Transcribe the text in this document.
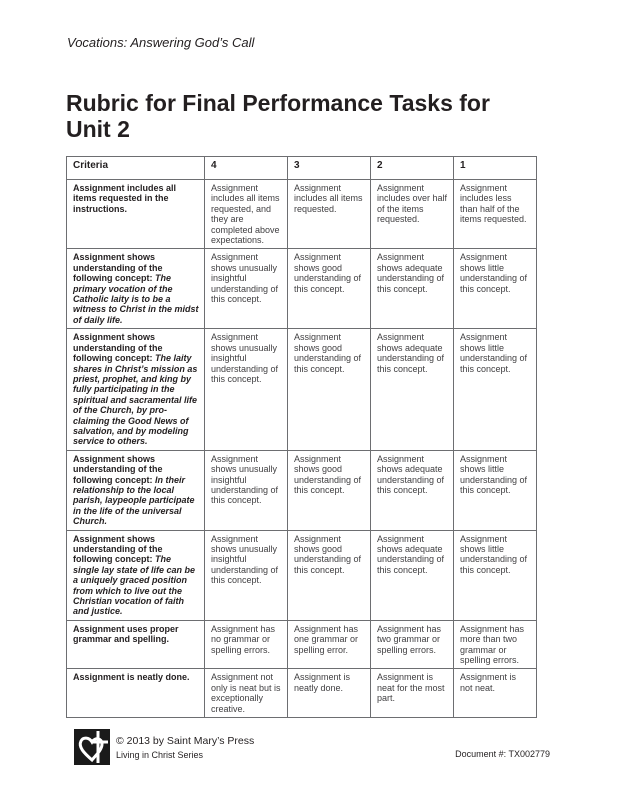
Vocations: Answering God’s Call
Rubric for Final Performance Tasks for Unit 2
Criteria	4	3	2	1
Assignment includes all items requested in the instructions.	Assignment includes all items requested, and they are completed above expectations.	Assignment includes all items requested.	Assignment includes over half of the items requested.	Assignment includes less than half of the items requested.
Assignment shows understanding of the following concept: The primary vocation of the Catholic laity is to be a witness to Christ in the midst of daily life.	Assignment shows unusually insightful understanding of this concept.	Assignment shows good understanding of this concept.	Assignment shows adequate understanding of this concept.	Assignment shows little understanding of this concept.
Assignment shows understanding of the following concept: The laity shares in Christ’s mission as priest, prophet, and king by fully participating in the spiritual and sacramental life of the Church, by pro-claiming the Good News of salvation, and by modeling service to others.	Assignment shows unusually insightful understanding of this concept.	Assignment shows good understanding of this concept.	Assignment shows adequate understanding of this concept.	Assignment shows little understanding of this concept.
Assignment shows understanding of the following concept: In their relationship to the local parish, laypeople participate in the life of the universal Church.	Assignment shows unusually insightful understanding of this concept.	Assignment shows good understanding of this concept.	Assignment shows adequate understanding of this concept.	Assignment shows little understanding of this concept.
Assignment shows understanding of the following concept: The single lay state of life can be a uniquely graced position from which to live out the Christian vocation of faith and justice.	Assignment shows unusually insightful understanding of this concept.	Assignment shows good understanding of this concept.	Assignment shows adequate understanding of this concept.	Assignment shows little understanding of this concept.
Assignment uses proper grammar and spelling.	Assignment has no grammar or spelling errors.	Assignment has one grammar or spelling error.	Assignment has two grammar or spelling errors.	Assignment has more than two grammar or spelling errors.
Assignment is neatly done.	Assignment not only is neat but is exceptionally creative.	Assignment is neatly done.	Assignment is neat for the most part.	Assignment is not neat.
© 2013 by Saint Mary’s Press
Living in Christ Series	Document #: TX002779
